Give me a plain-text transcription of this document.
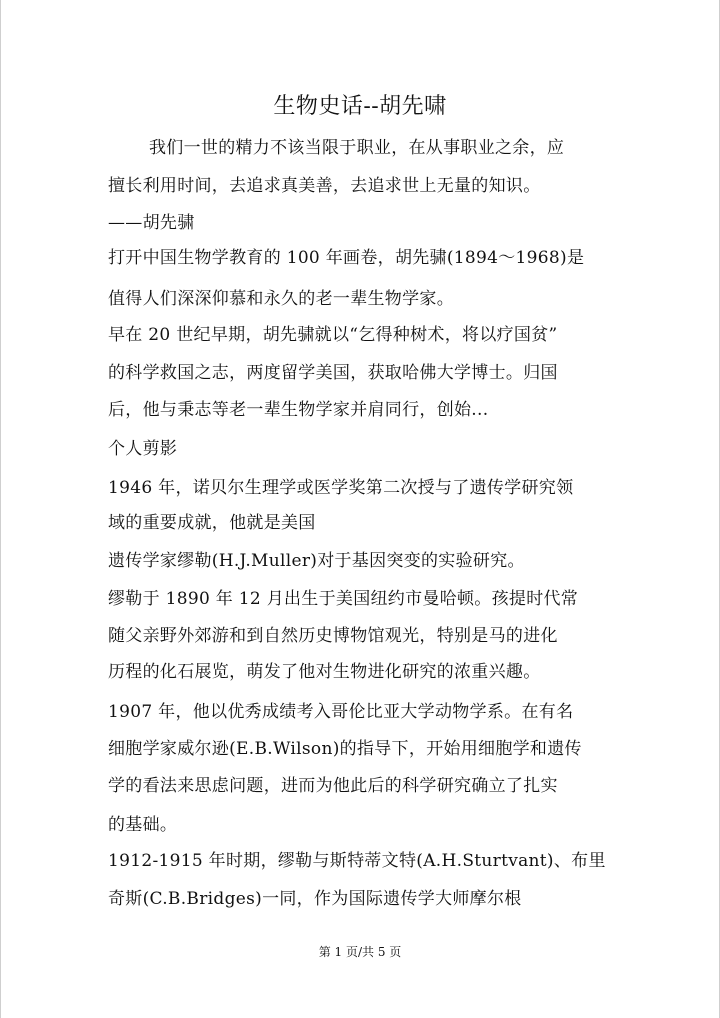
生物史话--胡先啸
我们一世的精力不该当限于职业，在从事职业之余，应
擅长利用时间，去追求真美善，去追求世上无量的知识。
——胡先骕
打开中国生物学教育的 100 年画卷，胡先骕(1894～1968)是
值得人们深深仰慕和永久的老一辈生物学家。
早在 20 世纪早期，胡先骕就以“乞得种树术，将以疗国贫”
的科学救国之志，两度留学美国，获取哈佛大学博士。归国
后，他与秉志等老一辈生物学家并肩同行，创始...
个人剪影
1946 年，诺贝尔生理学或医学奖第二次授与了遗传学研究领
域的重要成就，他就是美国
遗传学家缪勒(H.J.Muller)对于基因突变的实验研究。
缪勒于 1890 年 12 月出生于美国纽约市曼哈顿。孩提时代常
随父亲野外郊游和到自然历史博物馆观光，特别是马的进化
历程的化石展览，萌发了他对生物进化研究的浓重兴趣。
1907 年，他以优秀成绩考入哥伦比亚大学动物学系。在有名
细胞学家威尔逊(E.B.Wilson)的指导下，开始用细胞学和遗传
学的看法来思虑问题，进而为他此后的科学研究确立了扎实
的基础。
1912-1915 年时期，缪勒与斯特蒂文特(A.H.Sturtvant)、布里
奇斯(C.B.Bridges)一同，作为国际遗传学大师摩尔根
第 1 页/共 5 页
